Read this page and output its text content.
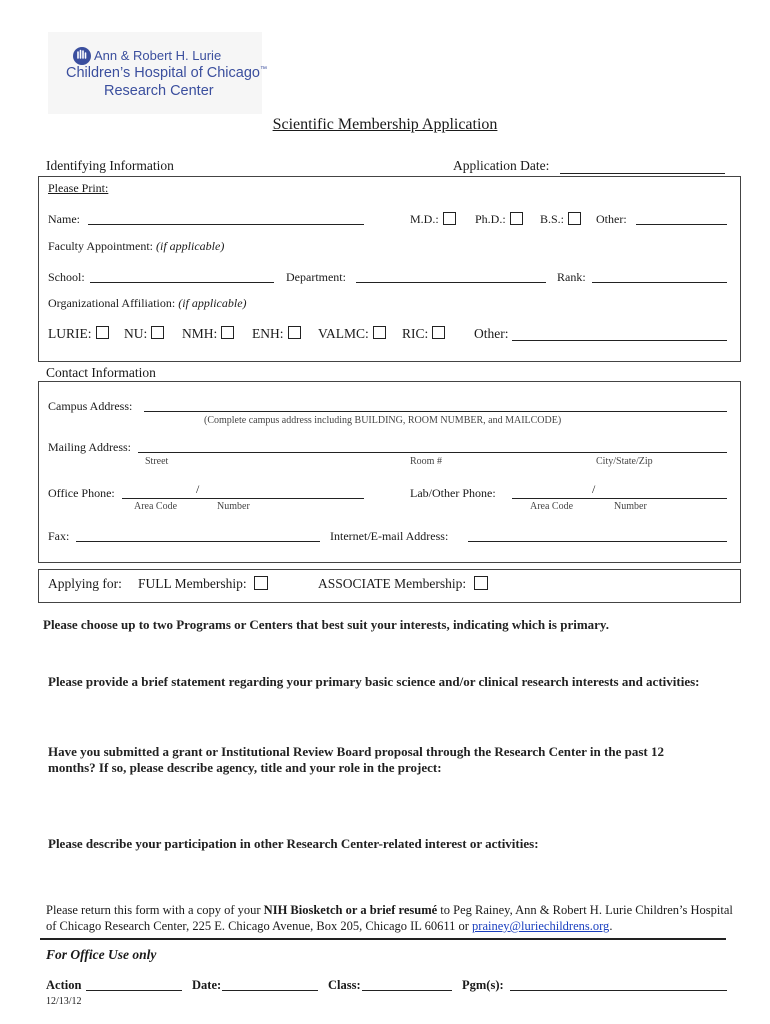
Ann & Robert H. Lurie
Children’s Hospital of Chicago™
Research Center
Scientific Membership Application
Identifying Information	Application Date:
Please Print:
Name:	M.D.:	Ph.D.:	B.S.:	Other:
Faculty Appointment: (if applicable)
School:	Department:	Rank:
Organizational Affiliation: (if applicable)
LURIE:	NU:	NMH:	ENH:	VALMC:	RIC:	Other:
Contact Information
Campus Address:
(Complete campus address including BUILDING, ROOM NUMBER, and MAILCODE)
Mailing Address:
Street	Room #	City/State/Zip
Office Phone:	/
Area Code	Number
Lab/Other Phone:	/
Area Code	Number
Fax:	Internet/E-mail Address:
Applying for: FULL Membership:	ASSOCIATE Membership:
Please choose up to two Programs or Centers that best suit your interests, indicating which is primary.
Please provide a brief statement regarding your primary basic science and/or clinical research interests and activities:
Have you submitted a grant or Institutional Review Board proposal through the Research Center in the past 12
months? If so, please describe agency, title and your role in the project:
Please describe your participation in other Research Center-related interest or activities:
Please return this form with a copy of your NIH Biosketch or a brief resumé to Peg Rainey, Ann & Robert H. Lurie Children’s Hospital
of Chicago Research Center, 225 E. Chicago Avenue, Box 205, Chicago IL 60611 or prainey@luriechildrens.org.
For Office Use only
Action	Date:	Class:	Pgm(s):
12/13/12
